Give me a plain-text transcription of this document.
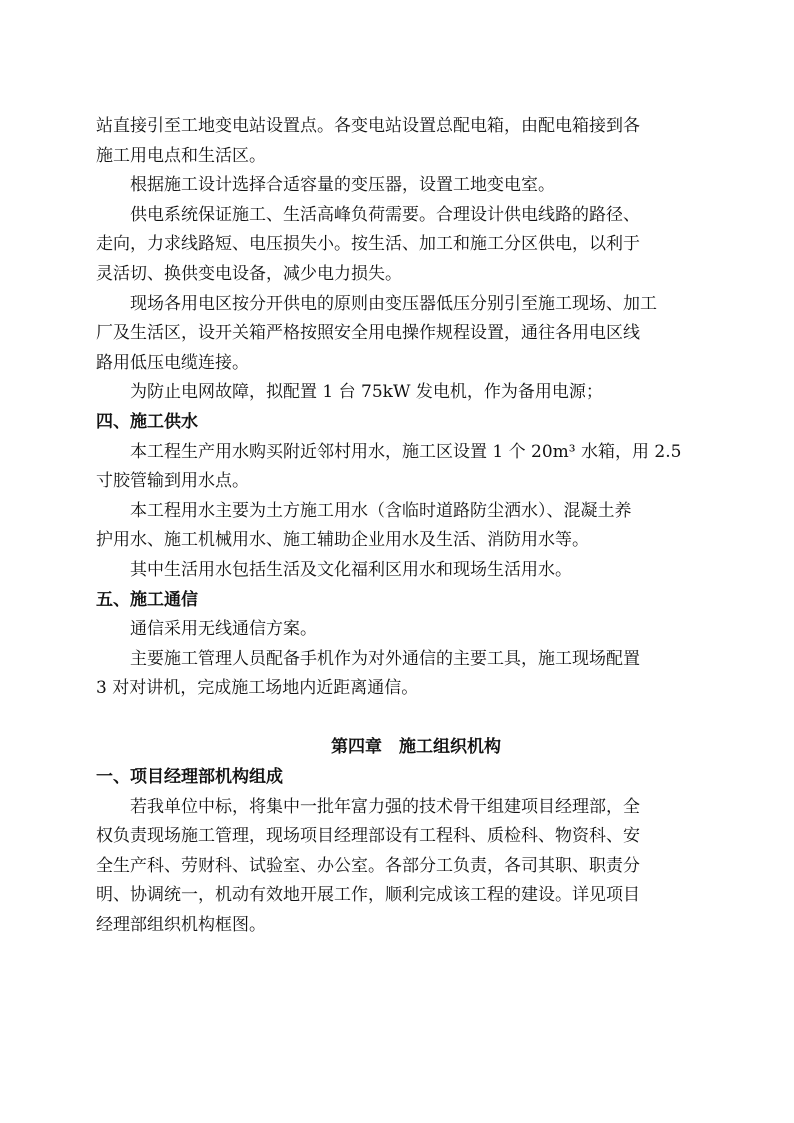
站直接引至工地变电站设置点。各变电站设置总配电箱，由配电箱接到各
施工用电点和生活区。
根据施工设计选择合适容量的变压器，设置工地变电室。
供电系统保证施工、生活高峰负荷需要。合理设计供电线路的路径、
走向，力求线路短、电压损失小。按生活、加工和施工分区供电，以利于
灵活切、换供变电设备，减少电力损失。
现场各用电区按分开供电的原则由变压器低压分别引至施工现场、加工
厂及生活区，设开关箱严格按照安全用电操作规程设置，通往各用电区线
路用低压电缆连接。
为防止电网故障，拟配置 1 台 75kW 发电机，作为备用电源；
四、施工供水
本工程生产用水购买附近邻村用水，施工区设置 1 个 20m³ 水箱，用 2.5
寸胶管输到用水点。
本工程用水主要为土方施工用水（含临时道路防尘洒水）、混凝土养
护用水、施工机械用水、施工辅助企业用水及生活、消防用水等。
其中生活用水包括生活及文化福利区用水和现场生活用水。
五、施工通信
通信采用无线通信方案。
主要施工管理人员配备手机作为对外通信的主要工具，施工现场配置
3 对对讲机，完成施工场地内近距离通信。
第四章　施工组织机构
一、项目经理部机构组成
若我单位中标，将集中一批年富力强的技术骨干组建项目经理部，全
权负责现场施工管理，现场项目经理部设有工程科、质检科、物资科、安
全生产科、劳财科、试验室、办公室。各部分工负责，各司其职、职责分
明、协调统一，机动有效地开展工作，顺利完成该工程的建设。详见项目
经理部组织机构框图。
